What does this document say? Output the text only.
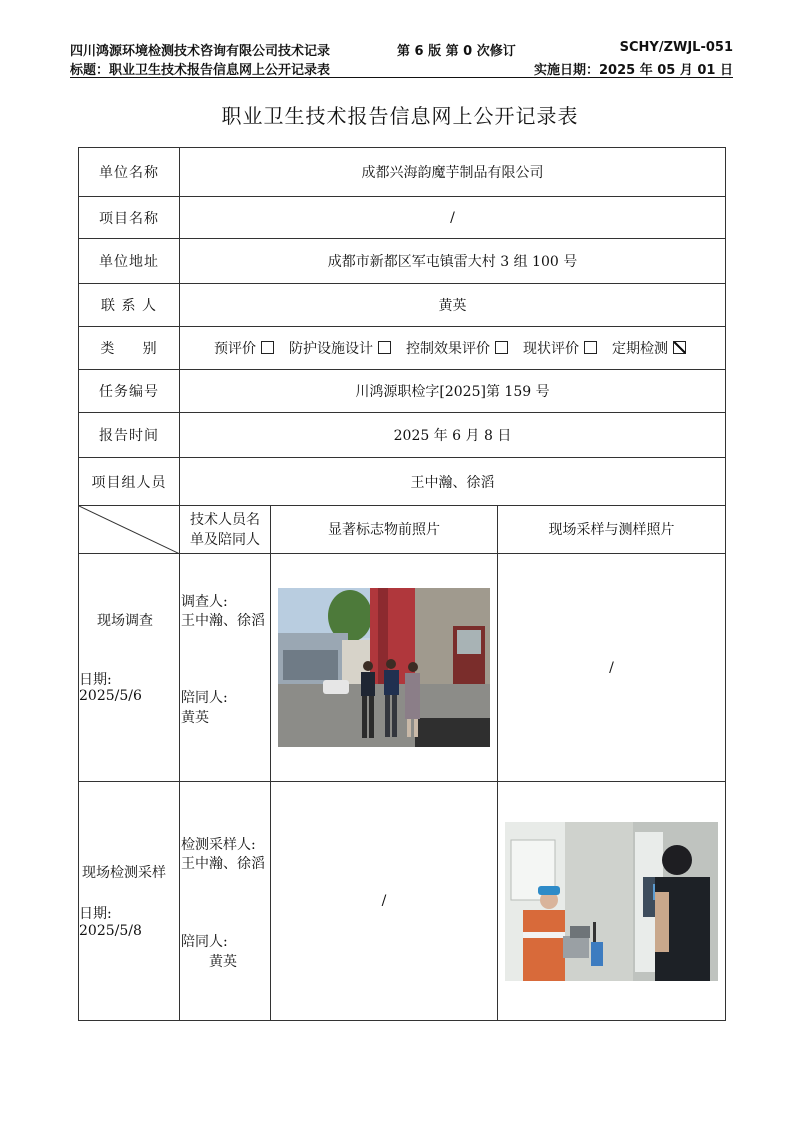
四川鸿源环境检测技术咨询有限公司技术记录	第 6 版 第 0 次修订	SCHY/ZWJL-051
标题：职业卫生技术报告信息网上公开记录表	实施日期：2025 年 05 月 01 日
职业卫生技术报告信息网上公开记录表
单位名称	成都兴海韵魔芋制品有限公司		
项目名称	/		
单位地址	成都市新都区军屯镇雷大村 3 组 100 号		
联 系 人	黄英		
类     别	预评价 防护设施设计 控制效果评价 现状评价 定期检测		
任务编号	川鸿源职检字[2025]第 159 号		
报告时间	2025 年 6 月 8 日		
项目组人员	王中瀚、徐滔		

技术人员名
单及陪同人	显著标志物前照片	现场采样与测样照片

现场调查
日期:
2025/5/6	调查人:
王中瀚、徐滔
陪同人:
黄英		/

现场检测采样
日期:
2025/5/8	检测采样人:
王中瀚、徐滔
陪同人:
黄英	/	
